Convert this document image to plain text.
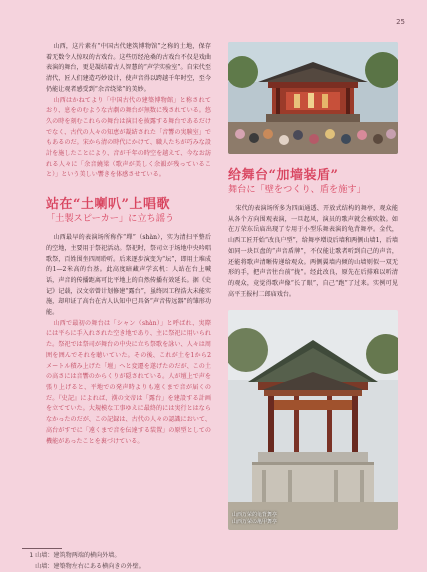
25

山西，这片素有“中国古代建筑博物馆”之称的土地，保存着无数令人惊叹的古戏台。这些历经沧桑的古戏台不仅是戏曲表演的舞台，更是凝结着古人智慧的“声学实验室”。自宋代至清代，匠人们建造巧妙设计，使声音得以跨越千年时空，至今仍能让观者感受到“余音绕梁”的美妙。

山西はかねてより「中国古代の建築博物館」と称されており、息をのむような古劇の舞台が無数に残されている。悠久の時を刻むこれらの舞台は演目を披露する舞台であるだけでなく、古代の人々の知恵が凝結された「音響の実験室」でもあるのだ。宋から清の時代にかけて、職人たちが巧みな設計を施したことにより、音が千年の時空を越えて、今なお訪れる人々に「余音繞梁（歌声が美しく余韻が残っていること）」という美しい響きを体感させている。

站在“土喇叭”上唱歌
「土製スピーカー」に立ち謡う

山西最早的表演场所称作“墠”（shàn），实为清扫平整后的空地，主要用于祭祀活动。祭祀时，祭司立于场地中央吟唱歌祭，百姓围坐四周聆听。后来逐步演变为“坛”，即用土堆成的1—2米高的台基。此高度暗藏声学玄机：人站在台上喊话，声音的传播距离可比平地上的自然传播有效延长。据《史记》记载，汉文帝曾计划修建“露台”，虽终因工程浩大未能实施，却印证了高台在古人认知中已具备“声音传远器”的雏形功能。

山西で最初の舞台は「シャン（shàn）」と呼ばれ、実際には平らに手入れされた空き地であり、主に祭祀に用いられた。祭祀では祭司が舞台の中央に立ち祭歌を詠い、人々は周囲を囲んでそれを聴いていた。その後、これが土を1から2メートル積み上げた「壇」へと変遷を遂げたのだが、この土の高さには音響のからくりが隠されている。人が壇上で声を張り上げると、平地での発声時よりも遠くまで音が届くのだ。『史記』によれば、漢の文帝は「露台」を建設する計画を立てていた。大規模な工事ゆえに最終的には実行とはならなかったのだが、この記録は、古代の人々の認識において、高台がすでに「遠くまで音を伝達する装置」の原型としての機能があったことを裏づけている。

给舞台“加墙装盾”
舞台に「壁をつくり、盾を施す」

宋代的表演场所多为四面通透、开放式结构的舞亭，观众能从各个方向围观表演，一旦起风，演员的歌声就会被吹散。如在万荣东岳庙出现了专用于小型乐舞表演的龟背舞亭。金代，山西工匠开始“改良户型”，给舞亭增设后墙和两侧山墙1，后墙如同一块巨盘的“声音盾牌”，不仅能让歌者听到自己的声音，还能将歌声清晰传递给观众。两侧翼墙内倾的山墙则似一双无形的手，把声音往台前“拢”。经此改良，原先在后排难以听清的观众，竟觉得歌声像“长了眼”，自己“跑”了过来。实例可见高平王报村二郎庙戏台。

山西万荣的龟背舞亭
山西万荣の亀甲舞亭

1 山墙：建筑物两端的横向外墙。

山墙：建築物左右にある横向きの外壁。
